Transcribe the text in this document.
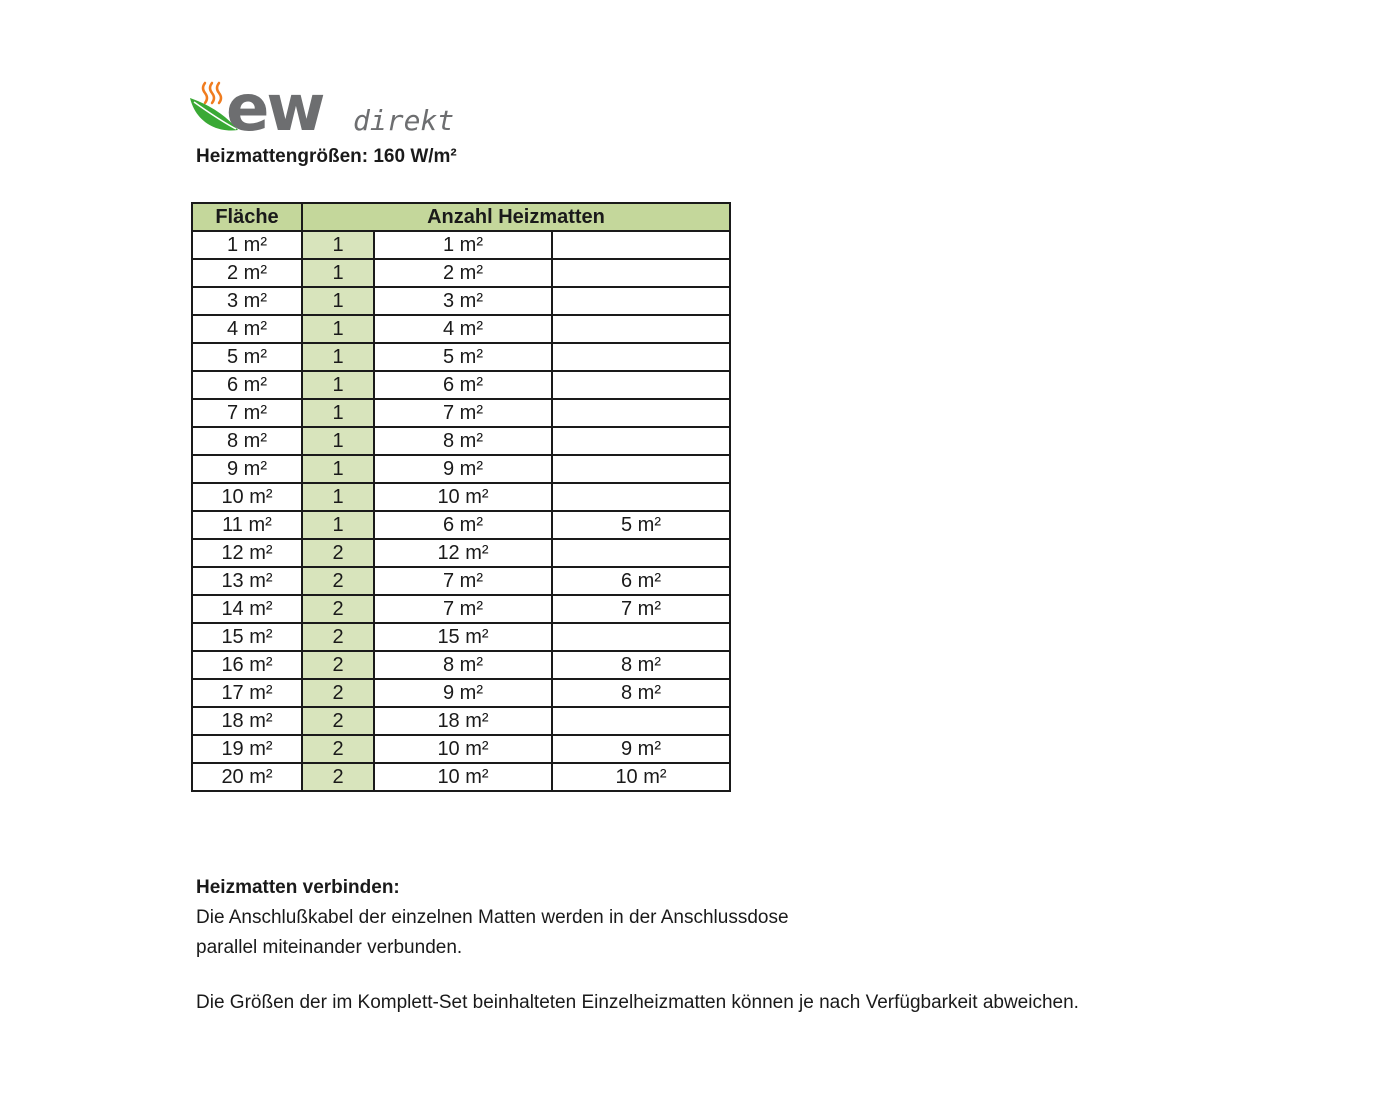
ew direkt
Heizmattengrößen: 160 W/m²
Fläche	Anzahl Heizmatten		
1 m²	1	1 m²	
2 m²	1	2 m²	
3 m²	1	3 m²	
4 m²	1	4 m²	
5 m²	1	5 m²	
6 m²	1	6 m²	
7 m²	1	7 m²	
8 m²	1	8 m²	
9 m²	1	9 m²	
10 m²	1	10 m²	
11 m²	1	6 m²	5 m²
12 m²	2	12 m²	
13 m²	2	7 m²	6 m²
14 m²	2	7 m²	7 m²
15 m²	2	15 m²	
16 m²	2	8 m²	8 m²
17 m²	2	9 m²	8 m²
18 m²	2	18 m²	
19 m²	2	10 m²	9 m²
20 m²	2	10 m²	10 m²
Heizmatten verbinden:
Die Anschlußkabel der einzelnen Matten werden in der Anschlussdose
parallel miteinander verbunden.
Die Größen der im Komplett-Set beinhalteten Einzelheizmatten können je nach Verfügbarkeit abweichen.
